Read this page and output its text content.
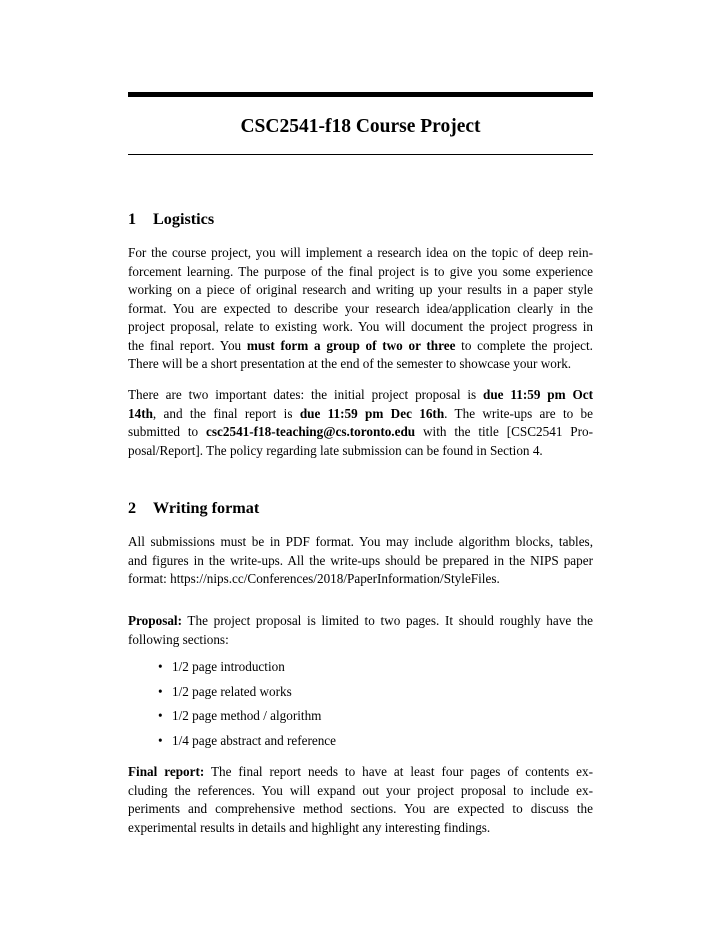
CSC2541-f18 Course Project
1 Logistics
For the course project, you will implement a research idea on the topic of deep rein-
forcement learning. The purpose of the final project is to give you some experience
working on a piece of original research and writing up your results in a paper style
format. You are expected to describe your research idea/application clearly in the
project proposal, relate to existing work. You will document the project progress in
the final report. You must form a group of two or three to complete the project.
There will be a short presentation at the end of the semester to showcase your work.
There are two important dates: the initial project proposal is due 11:59 pm Oct
14th, and the final report is due 11:59 pm Dec 16th. The write-ups are to be
submitted to csc2541-f18-teaching@cs.toronto.edu with the title [CSC2541 Pro-
posal/Report]. The policy regarding late submission can be found in Section 4.
2 Writing format
All submissions must be in PDF format. You may include algorithm blocks, tables,
and figures in the write-ups. All the write-ups should be prepared in the NIPS paper
format: https://nips.cc/Conferences/2018/PaperInformation/StyleFiles.
Proposal: The project proposal is limited to two pages. It should roughly have the
following sections:
• 1/2 page introduction
• 1/2 page related works
• 1/2 page method / algorithm
• 1/4 page abstract and reference
Final report: The final report needs to have at least four pages of contents ex-
cluding the references. You will expand out your project proposal to include ex-
periments and comprehensive method sections. You are expected to discuss the
experimental results in details and highlight any interesting findings.
